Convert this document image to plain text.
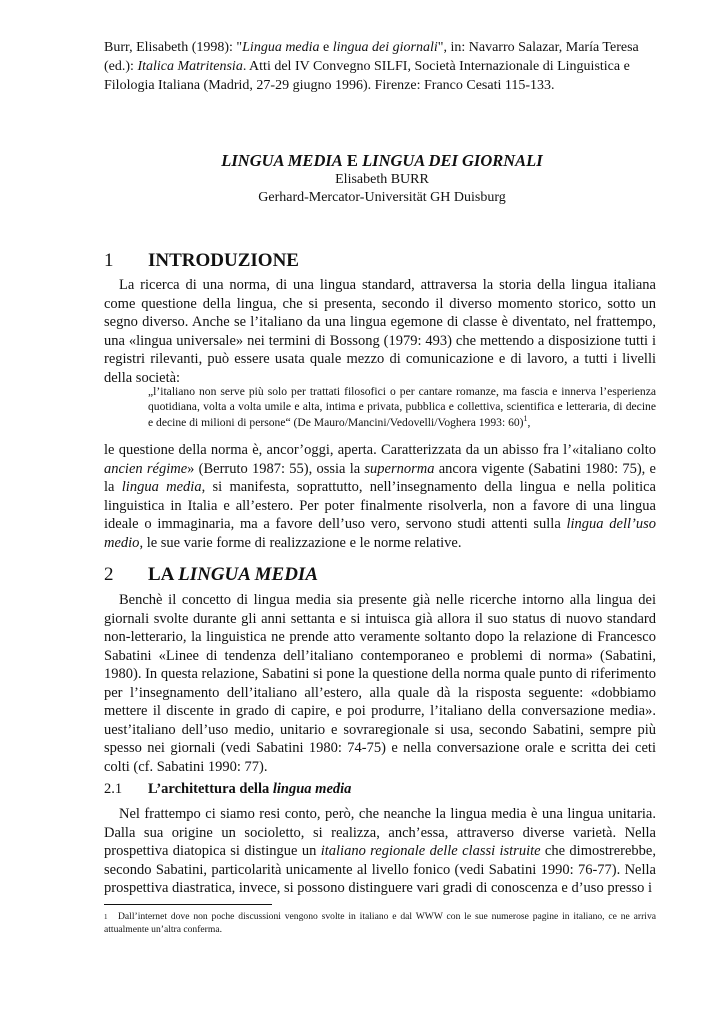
Burr, Elisabeth (1998): "Lingua media e lingua dei giornali", in: Navarro Salazar, María Teresa (ed.): Italica Matritensia. Atti del IV Convegno SILFI, Società Internazionale di Linguistica e Filologia Italiana (Madrid, 27-29 giugno 1996). Firenze: Franco Cesati 115-133.
LINGUA MEDIA E LINGUA DEI GIORNALI
Elisabeth BURR
Gerhard-Mercator-Universität GH Duisburg
1 INTRODUZIONE

La ricerca di una norma, di una lingua standard, attraversa la storia della lingua italiana come questione della lingua, che si presenta, secondo il diverso momento storico, sotto un segno diverso. Anche se l’italiano da una lingua egemone di classe è diventato, nel frattempo, una «lingua universale» nei termini di Bossong (1979: 493) che mettendo a disposizione tutti i registri rilevanti, può essere usata quale mezzo di comunicazione e di lavoro, a tutti i livelli della società:

„l’italiano non serve più solo per trattati filosofici o per cantare romanze, ma fascia e innerva l’esperienza quotidiana, volta a volta umile e alta, intima e privata, pubblica e collettiva, scientifica e letteraria, di decine e decine di milioni di persone“ (De Mauro/Mancini/Vedovelli/Voghera 1993: 60)$^1$,

le questione della norma è, ancor’oggi, aperta. Caratterizzata da un abisso fra l’«italiano colto ancien régime» (Berruto 1987: 55), ossia la supernorma ancora vigente (Sabatini 1980: 75), e la lingua media, si manifesta, soprattutto, nell’insegnamento della lingua e nella politica linguistica in Italia e all’estero. Per poter finalmente risolverla, non a favore di una lingua ideale o immaginaria, ma a favore dell’uso vero, servono studi attenti sulla lingua dell’uso medio, le sue varie forme di realizzazione e le norme relative.

2 LA LINGUA MEDIA

Benchè il concetto di lingua media sia presente già nelle ricerche intorno alla lingua dei giornali svolte durante gli anni settanta e si intuisca già allora il suo status di nuovo standard non-letterario, la linguistica ne prende atto veramente soltanto dopo la relazione di Francesco Sabatini «Linee di tendenza dell’italiano contemporaneo e problemi di norma» (Sabatini, 1980). In questa relazione, Sabatini si pone la questione della norma quale punto di riferimento per l’insegnamento dell’italiano all’estero, alla quale dà la risposta seguente: «dobbiamo mettere il discente in grado di capire, e poi produrre, l’italiano della conversazione media». uest’italiano dell’uso medio, unitario e sovraregionale si usa, secondo Sabatini, sempre più spesso nei giornali (vedi Sabatini 1980: 74-75) e nella conversazione orale e scritta dei ceti colti (cf. Sabatini 1990: 77).

2.1 L’architettura della lingua media

Nel frattempo ci siamo resi conto, però, che neanche la lingua media è una lingua unitaria. Dalla sua origine un socioletto, si realizza, anch’essa, attraverso diverse varietà. Nella prospettiva diatopica si distingue un italiano regionale delle classi istruite che dimostrerebbe, secondo Sabatini, particolarità unicamente al livello fonico (vedi Sabatini 1990: 76-77). Nella prospettiva diastratica, invece, si possono distinguere vari gradi di conoscenza e d’uso presso i

1 Dall’internet dove non poche discussioni vengono svolte in italiano e dal WWW con le sue numerose pagine in italiano, ce ne arriva attualmente un’altra conferma.
